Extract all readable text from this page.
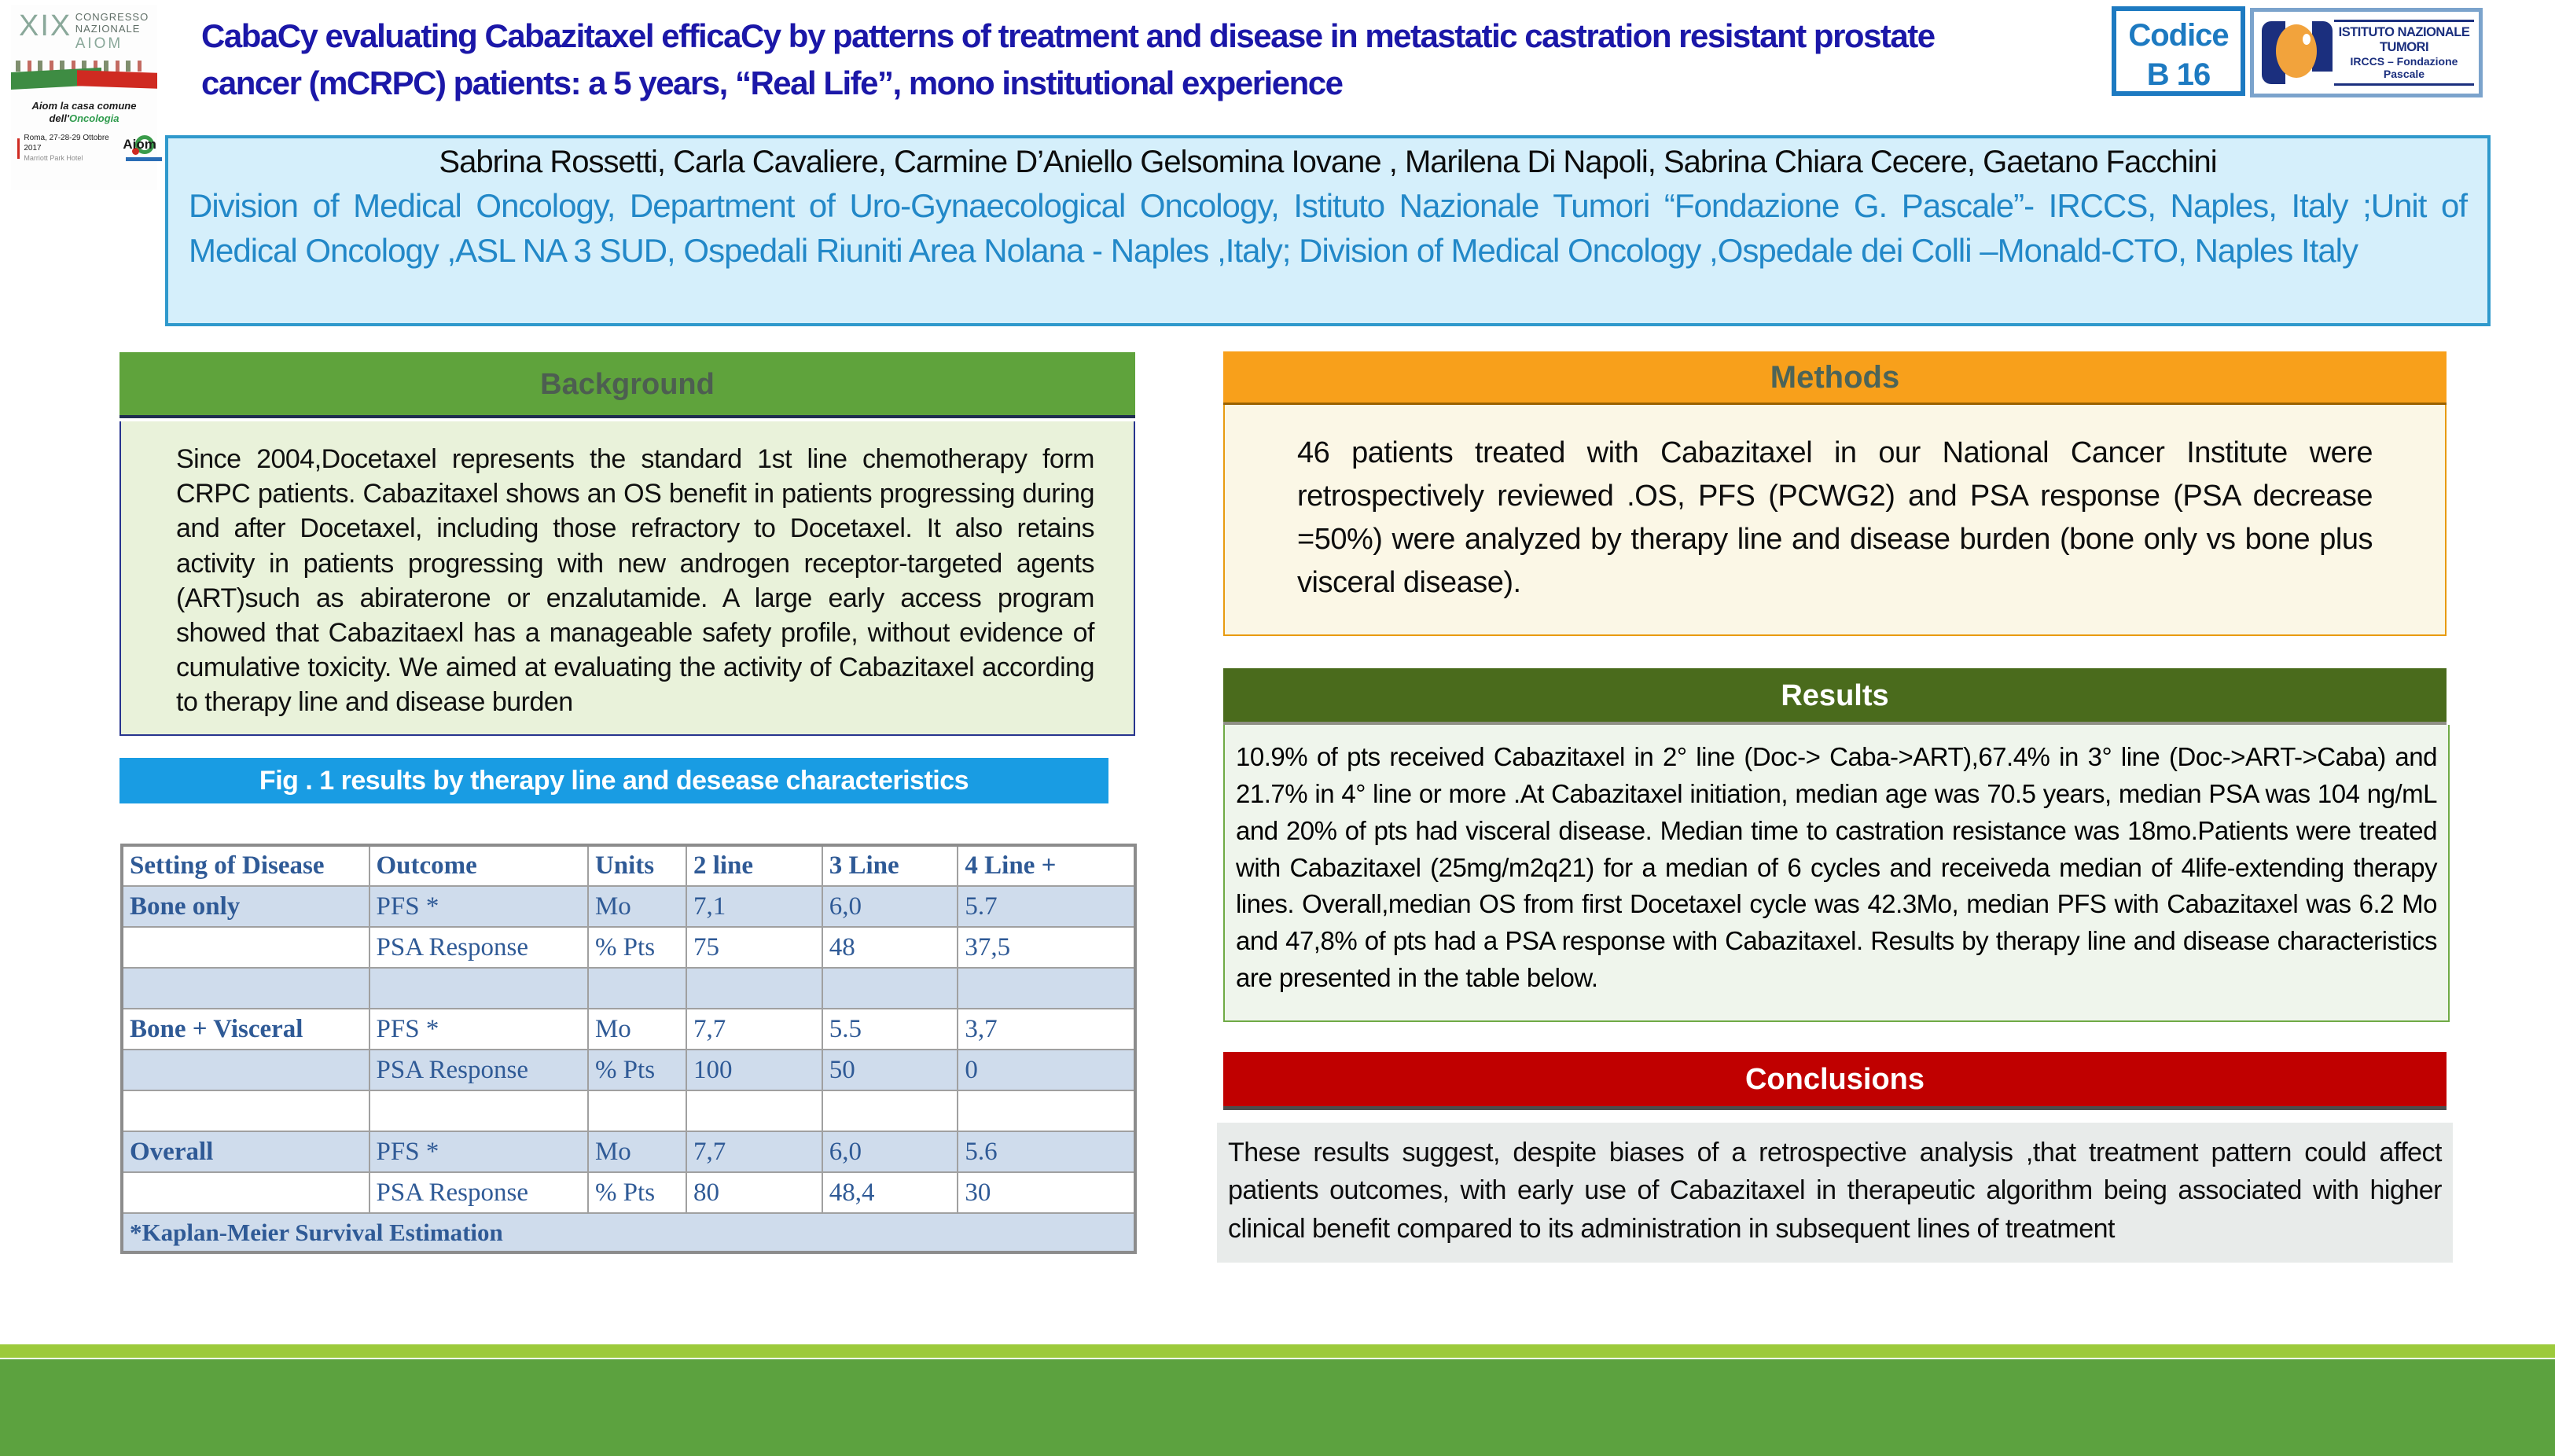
XIX CONGRESSO
NAZIONALE
AIOM
Aiom la casa comune
dell'Oncologia
Roma, 27-28-29 Ottobre 2017
Marriott Park Hotel
Aiom
CabaCy evaluating Cabazitaxel efficaCy by patterns of treatment and disease in metastatic castration resistant prostate
cancer (mCRPC) patients: a 5 years, “Real Life”, mono institutional experience
Codice
B 16
ISTITUTO NAZIONALE TUMORI
IRCCS – Fondazione Pascale
Sabrina Rossetti, Carla Cavaliere, Carmine D’Aniello Gelsomina Iovane , Marilena Di Napoli, Sabrina Chiara Cecere, Gaetano Facchini
Division of Medical Oncology, Department of Uro-Gynaecological Oncology, Istituto Nazionale Tumori “Fondazione G. Pascale”- IRCCS, Naples, Italy ;Unit of Medical Oncology ,ASL NA 3 SUD, Ospedali Riuniti Area Nolana - Naples ,Italy; Division of Medical Oncology ,Ospedale dei Colli –Monald-CTO, Naples Italy
Background
Since 2004,Docetaxel represents the standard 1st line chemotherapy form CRPC patients. Cabazitaxel shows an OS benefit in patients progressing during and after Docetaxel, including those refractory to Docetaxel. It also retains activity in patients progressing with new androgen receptor-targeted agents (ART)such as abiraterone or enzalutamide. A large early access program showed that Cabazitaexl has a manageable safety profile, without evidence of cumulative toxicity. We aimed at evaluating the activity of Cabazitaxel according to therapy line and disease burden
Fig . 1 results by therapy line and desease characteristics
Setting of Disease	Outcome	Units	2 line	3 Line	4 Line +
Bone only	PFS *	Mo	7,1	6,0	5.7
	PSA Response	% Pts	75	48	37,5

Bone + Visceral	PFS *	Mo	7,7	5.5	3,7
	PSA Response	% Pts	100	50	0

Overall	PFS *	Mo	7,7	6,0	5.6
	PSA Response	% Pts	80	48,4	30
*Kaplan-Meier Survival Estimation					
Methods
46 patients treated with Cabazitaxel in our National Cancer Institute were retrospectively reviewed .OS, PFS (PCWG2) and PSA response (PSA decrease =50%) were analyzed by therapy line and disease burden (bone only vs bone plus visceral disease).
Results
10.9% of pts received Cabazitaxel in 2° line (Doc-> Caba->ART),67.4% in 3° line (Doc->ART->Caba) and 21.7% in 4° line or more .At Cabazitaxel initiation, median age was 70.5 years, median PSA was 104 ng/mL and 20% of pts had visceral disease. Median time to castration resistance was 18mo.Patients were treated with Cabazitaxel (25mg/m2q21) for a median of 6 cycles and receiveda median of 4life-extending therapy lines. Overall,median OS from first Docetaxel cycle was 42.3Mo, median PFS with Cabazitaxel was 6.2 Mo and 47,8% of pts had a PSA response with Cabazitaxel. Results by therapy line and disease characteristics are presented in the table below.
Conclusions
These results suggest, despite biases of a retrospective analysis ,that treatment pattern could affect patients outcomes, with early use of Cabazitaxel in therapeutic algorithm being associated with higher clinical benefit compared to its administration in subsequent lines of treatment
